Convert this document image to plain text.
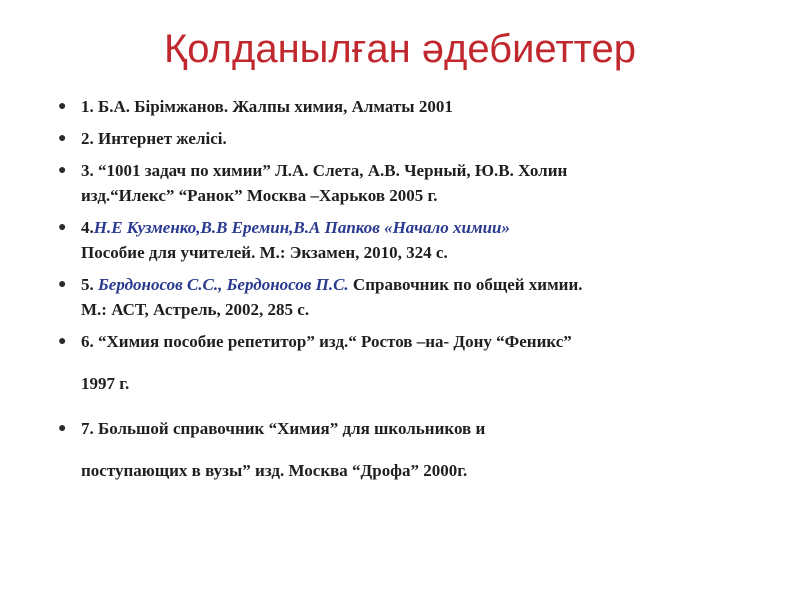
Қолданылған әдебиеттер
● 1. Б.А. Бірімжанов. Жалпы химия, Алматы 2001
● 2. Интернет желісі.
● 3. “1001 задач по химии” Л.А. Слета, А.В. Черный, Ю.В. Холин
изд.“Илекс” “Ранок” Москва –Харьков 2005 г.
● 4.Н.Е Кузменко,В.В Еремин,В.А Папков «Начало химии»
Пособие для учителей. М.: Экзамен, 2010, 324 с.
● 5. Бердоносов С.С., Бердоносов П.С. Справочник по общей химии.
М.: АСТ, Астрель, 2002, 285 с.
● 6. “Химия пособие репетитор” изд.“ Ростов –на- Дону “Феникс”
1997 г.
● 7. Большой справочник “Химия” для школьников и
поступающих в вузы” изд. Москва “Дрофа” 2000г.
